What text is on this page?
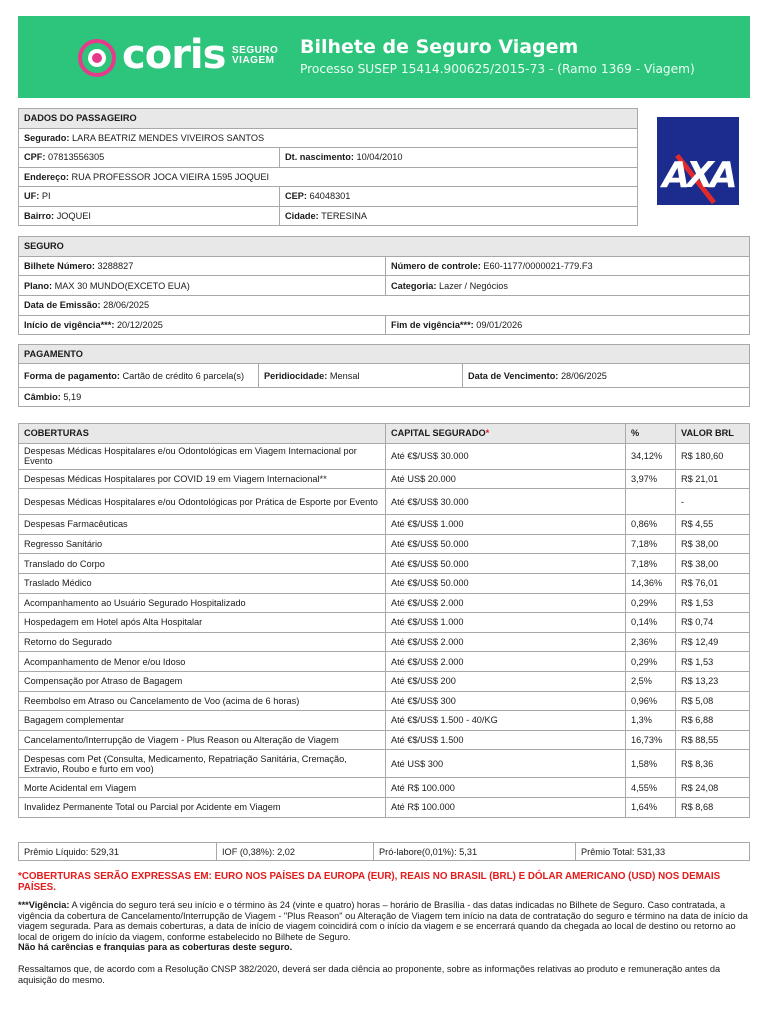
coris SEGURO
VIAGEM
Bilhete de Seguro Viagem
Processo SUSEP 15414.900625/2015-73 - (Ramo 1369 - Viagem)
AXA
DADOS DO PASSAGEIRO	
Segurado: LARA BEATRIZ MENDES VIVEIROS SANTOS	
CPF: 07813556305	Dt. nascimento: 10/04/2010
Endereço: RUA PROFESSOR JOCA VIEIRA 1595 JOQUEI	
UF: PI	CEP: 64048301
Bairro: JOQUEI	Cidade: TERESINA
SEGURO	
Bilhete Número: 3288827	Número de controle: E60-1177/0000021-779.F3
Plano: MAX 30 MUNDO(EXCETO EUA)	Categoria: Lazer / Negócios
Data de Emissão: 28/06/2025	
Início de vigência***: 20/12/2025	Fim de vigência***: 09/01/2026
PAGAMENTO
Forma de pagamento: Cartão de crédito 6 parcela(s)	Peridiocidade: Mensal	Data de Vencimento: 28/06/2025
Câmbio: 5,19
COBERTURAS	CAPITAL SEGURADO*	%	VALOR BRL
Despesas Médicas Hospitalares e/ou Odontológicas em Viagem Internacional por Evento	Até €$/US$ 30.000	34,12%	R$ 180,60
Despesas Médicas Hospitalares por COVID 19 em Viagem Internacional**	Até US$ 20.000	3,97%	R$ 21,01
Despesas Médicas Hospitalares e/ou Odontológicas por Prática de Esporte por Evento	Até €$/US$ 30.000		-
Despesas Farmacêuticas	Até €$/US$ 1.000	0,86%	R$ 4,55
Regresso Sanitário	Até €$/US$ 50.000	7,18%	R$ 38,00
Translado do Corpo	Até €$/US$ 50.000	7,18%	R$ 38,00
Traslado Médico	Até €$/US$ 50.000	14,36%	R$ 76,01
Acompanhamento ao Usuário Segurado Hospitalizado	Até €$/US$ 2.000	0,29%	R$ 1,53
Hospedagem em Hotel após Alta Hospitalar	Até €$/US$ 1.000	0,14%	R$ 0,74
Retorno do Segurado	Até €$/US$ 2.000	2,36%	R$ 12,49
Acompanhamento de Menor e/ou Idoso	Até €$/US$ 2.000	0,29%	R$ 1,53
Compensação por Atraso de Bagagem	Até €$/US$ 200	2,5%	R$ 13,23
Reembolso em Atraso ou Cancelamento de Voo (acima de 6 horas)	Até €$/US$ 300	0,96%	R$ 5,08
Bagagem complementar	Até €$/US$ 1.500 - 40/KG	1,3%	R$ 6,88
Cancelamento/Interrupção de Viagem - Plus Reason ou Alteração de Viagem	Até €$/US$ 1.500	16,73%	R$ 88,55
Despesas com Pet (Consulta, Medicamento, Repatriação Sanitária, Cremação, Extravio, Roubo e furto em voo)	Até US$ 300	1,58%	R$ 8,36
Morte Acidental em Viagem	Até R$ 100.000	4,55%	R$ 24,08
Invalidez Permanente Total ou Parcial por Acidente em Viagem	Até R$ 100.000	1,64%	R$ 8,68
Prêmio Líquido: 529,31	IOF (0,38%): 2,02	Pró-labore(0,01%): 5,31	Prêmio Total: 531,33
*COBERTURAS SERÃO EXPRESSAS EM: EURO NOS PAÍSES DA EUROPA (EUR), REAIS NO BRASIL (BRL) E DÓLAR AMERICANO (USD) NOS DEMAIS PAÍSES.
***Vigência: A vigência do seguro terá seu início e o término às 24 (vinte e quatro) horas – horário de Brasília - das datas indicadas no Bilhete de Seguro. Caso contratada, a vigência da cobertura de Cancelamento/Interrupção de Viagem - "Plus Reason" ou Alteração de Viagem tem início na data de contratação do seguro e término na data de início da viagem segurada. Para as demais coberturas, a data de início de viagem coincidirá com o início da viagem e se encerrará quando da chegada ao local de destino ou retorno ao local de origem do início da viagem, conforme estabelecido no Bilhete de Seguro.
Não há carências e franquias para as coberturas deste seguro.
Ressaltamos que, de acordo com a Resolução CNSP 382/2020, deverá ser dada ciência ao proponente, sobre as informações relativas ao produto e remuneração antes da aquisição do mesmo.
